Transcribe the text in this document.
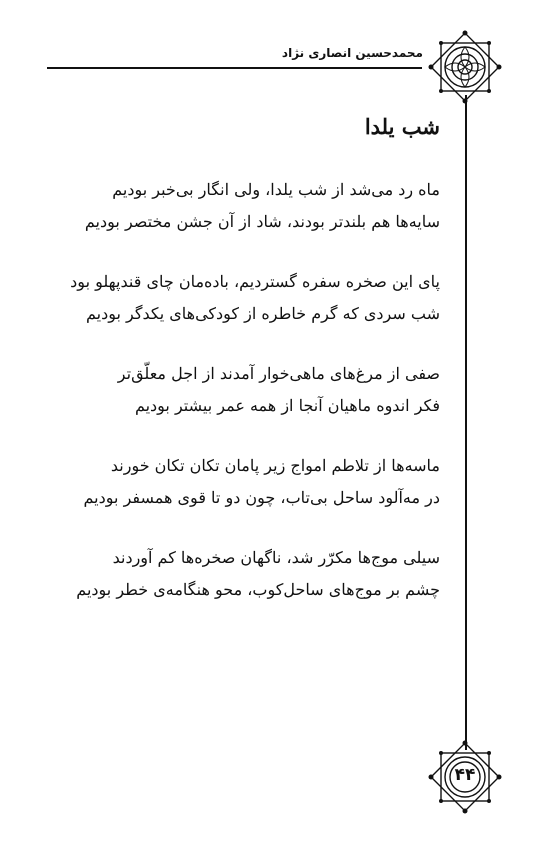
محمدحسین انصاری نژاد
۴۴
شب یلدا
ماه رد می‌شد از شب یلدا، ولی انگار بی‌خبر بودیم
سایه‌ها هم بلندتر بودند، شاد از آن جشن مختصر بودیم
پای این صخره سفره گستردیم، باده‌مان چای قندپهلو بود
شب سردی که گرم خاطره از کودکی‌های یکدگر بودیم
صفی از مرغ‌های ماهی‌خوار آمدند از اجل معلّق‌تر
فکر اندوه ماهیان آنجا از همه عمر بیشتر بودیم
ماسه‌ها از تلاطم امواج زیر پامان تکان تکان خورند
در مه‌آلود ساحل بی‌تاب، چون دو تا قوی همسفر بودیم
سیلی موج‌ها مکرّر شد، ناگهان صخره‌ها کم آوردند
چشم بر موج‌های ساحل‌کوب، محو هنگامه‌ی خطر بودیم
